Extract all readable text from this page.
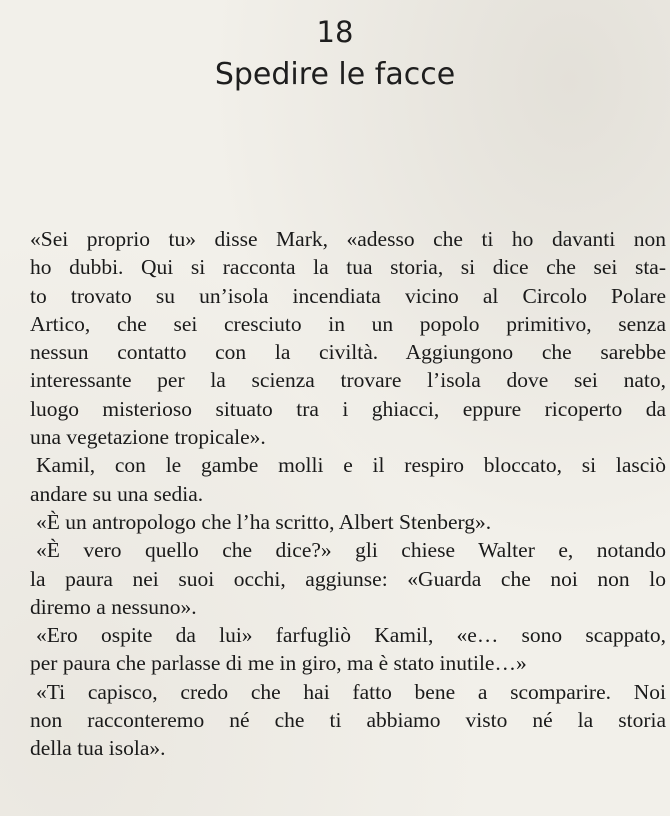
18
Spedire le facce
«Sei proprio tu» disse Mark, «adesso che ti ho davanti non
ho dubbi. Qui si racconta la tua storia, si dice che sei sta-
to trovato su un’isola incendiata vicino al Circolo Polare
Artico, che sei cresciuto in un popolo primitivo, senza
nessun contatto con la civiltà. Aggiungono che sarebbe
interessante per la scienza trovare l’isola dove sei nato,
luogo misterioso situato tra i ghiacci, eppure ricoperto da
una vegetazione tropicale».
Kamil, con le gambe molli e il respiro bloccato, si lasciò
andare su una sedia.
«È un antropologo che l’ha scritto, Albert Stenberg».
«È vero quello che dice?» gli chiese Walter e, notando
la paura nei suoi occhi, aggiunse: «Guarda che noi non lo
diremo a nessuno».
«Ero ospite da lui» farfugliò Kamil, «e… sono scappato,
per paura che parlasse di me in giro, ma è stato inutile…»
«Ti capisco, credo che hai fatto bene a scomparire. Noi
non racconteremo né che ti abbiamo visto né la storia
della tua isola».
